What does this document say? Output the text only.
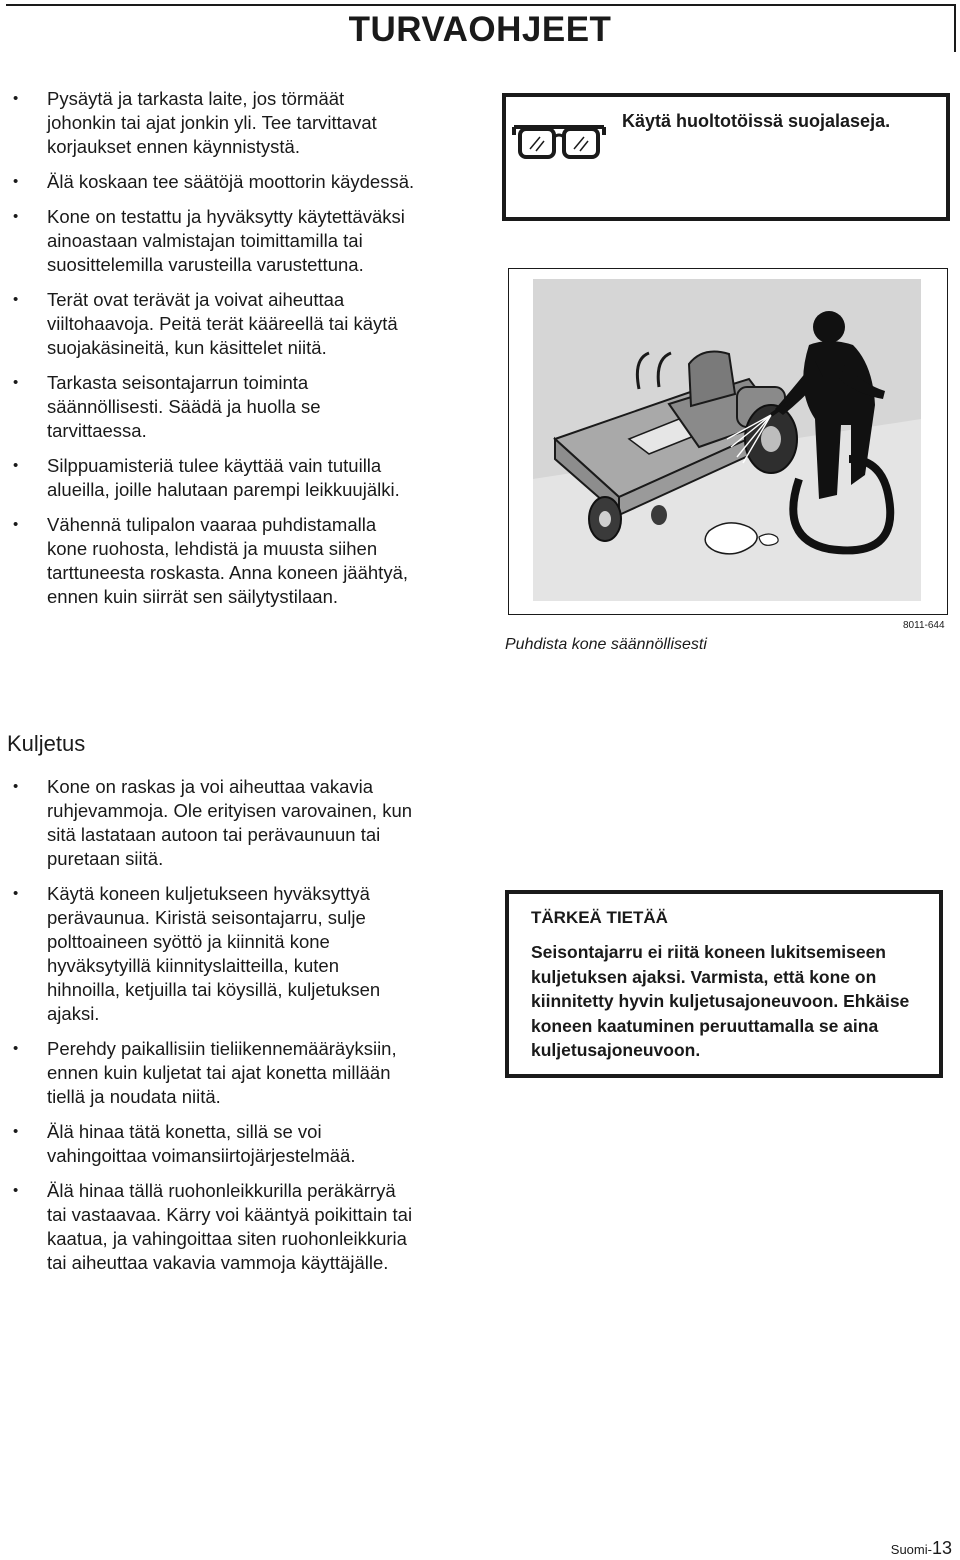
TURVAOHJEET
• Pysäytä ja tarkasta laite, jos törmäät johonkin tai ajat jonkin yli. Tee tarvittavat korjaukset ennen käynnistystä.
• Älä koskaan tee säätöjä moottorin käydessä.
• Kone on testattu ja hyväksytty käytettäväksi ainoastaan valmistajan toimittamilla tai suosittelemilla varusteilla varustettuna.
• Terät ovat terävät ja voivat aiheuttaa viiltohaavoja. Peitä terät kääreellä tai käytä suojakäsineitä, kun käsittelet niitä.
• Tarkasta seisontajarrun toiminta säännöllisesti. Säädä ja huolla se tarvittaessa.
• Silppuamisteriä tulee käyttää vain tutuilla alueilla, joille halutaan parempi leikkuujälki.
• Vähennä tulipalon vaaraa puhdistamalla kone ruohosta, lehdistä ja muusta siihen tarttuneesta roskasta. Anna koneen jäähtyä, ennen kuin siirrät sen säilytystilaan.
Käytä huoltotöissä suojalaseja.
Puhdista kone säännöllisesti
8011-644
Kuljetus
• Kone on raskas ja voi aiheuttaa vakavia ruhjevammoja. Ole erityisen varovainen, kun sitä lastataan autoon tai perävaunuun tai puretaan siitä.
• Käytä koneen kuljetukseen hyväksyttyä perävaunua. Kiristä seisontajarru, sulje polttoaineen syöttö ja kiinnitä kone hyväksytyillä kiinnityslaitteilla, kuten hihnoilla, ketjuilla tai köysillä, kuljetuksen ajaksi.
• Perehdy paikallisiin tieliikennemääräyksiin, ennen kuin kuljetat tai ajat konetta millään tiellä ja noudata niitä.
• Älä hinaa tätä konetta, sillä se voi vahingoittaa voimansiirtojärjestelmää.
• Älä hinaa tällä ruohonleikkurilla peräkärryä tai vastaavaa. Kärry voi kääntyä poikittain tai kaatua, ja vahingoittaa siten ruohonleikkuria tai aiheuttaa vakavia vammoja käyttäjälle.
TÄRKEÄ TIETÄÄ
Seisontajarru ei riitä koneen lukitsemiseen kuljetuksen ajaksi. Varmista, että kone on kiinnitetty hyvin kuljetusajoneuvoon. Ehkäise koneen kaatuminen peruuttamalla se aina kuljetusajoneuvoon.
Suomi-13
